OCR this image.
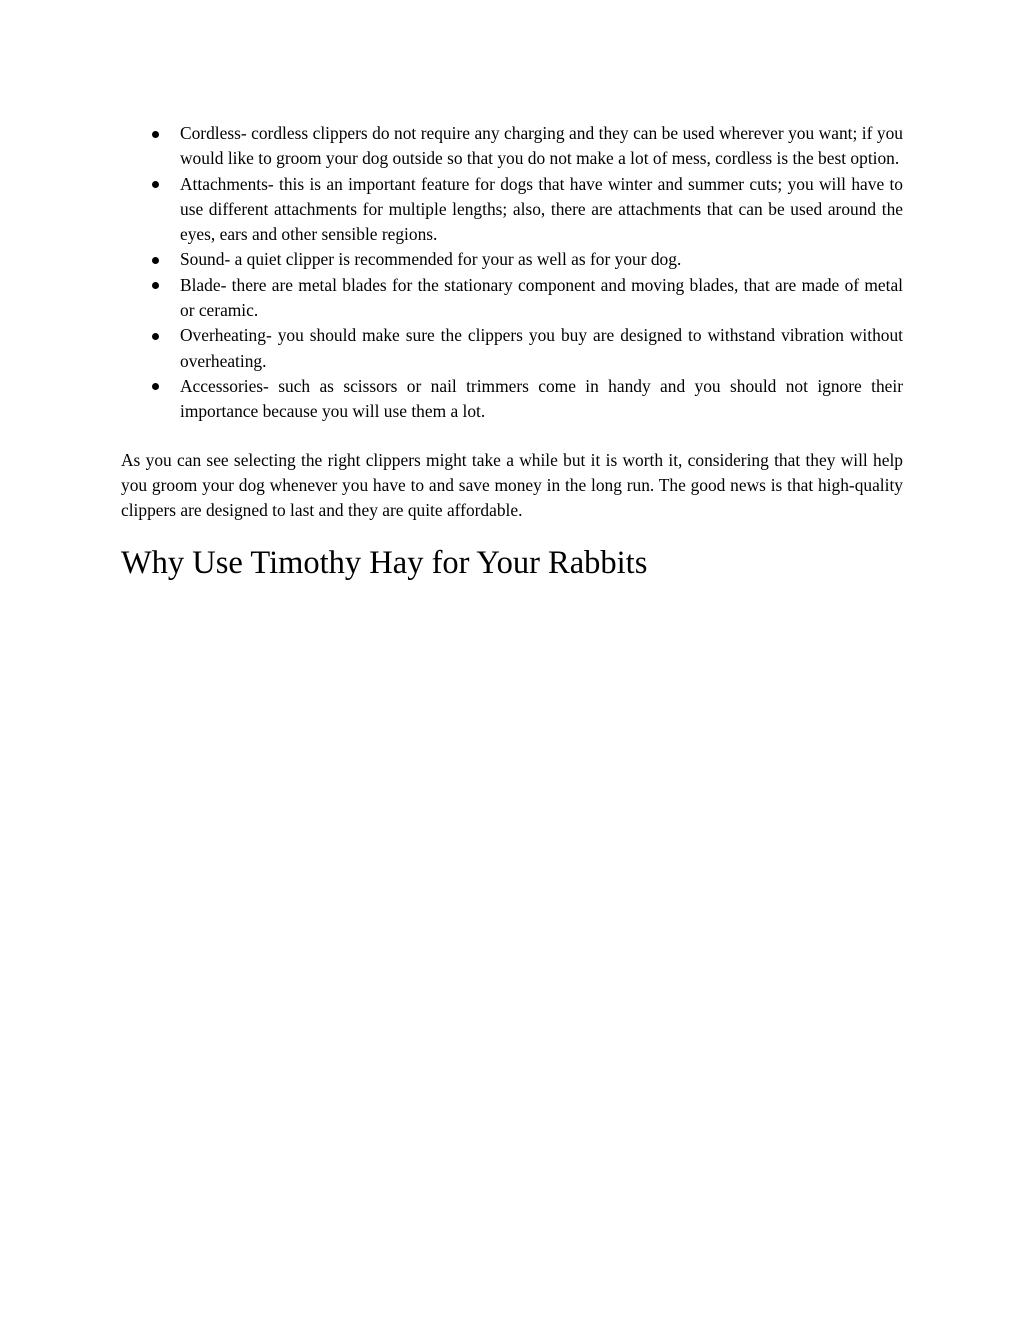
Cordless- cordless clippers do not require any charging and they can be used wherever you want; if you would like to groom your dog outside so that you do not make a lot of mess, cordless is the best option.
Attachments- this is an important feature for dogs that have winter and summer cuts; you will have to use different attachments for multiple lengths; also, there are attachments that can be used around the eyes, ears and other sensible regions.
Sound- a quiet clipper is recommended for your as well as for your dog.
Blade- there are metal blades for the stationary component and moving blades, that are made of metal or ceramic.
Overheating- you should make sure the clippers you buy are designed to withstand vibration without overheating.
Accessories- such as scissors or nail trimmers come in handy and you should not ignore their importance because you will use them a lot.

As you can see selecting the right clippers might take a while but it is worth it, considering that they will help you groom your dog whenever you have to and save money in the long run. The good news is that high-quality clippers are designed to last and they are quite affordable.

Why Use Timothy Hay for Your Rabbits
